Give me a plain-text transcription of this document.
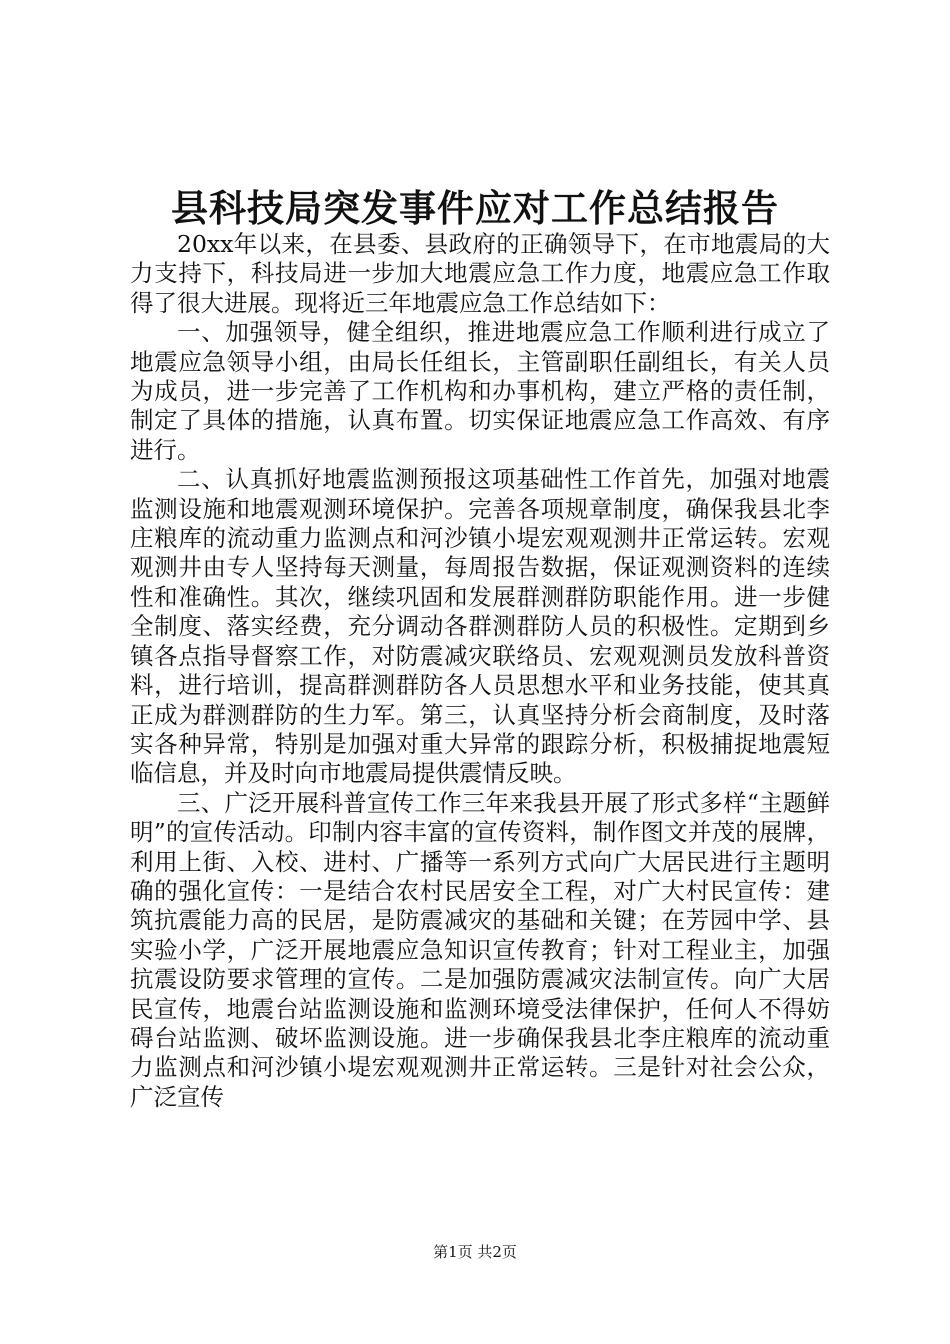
县科技局突发事件应对工作总结报告

20xx年以来，在县委、县政府的正确领导下，在市地震局的大力支持下，科技局进一步加大地震应急工作力度，地震应急工作取得了很大进展。现将近三年地震应急工作总结如下：

一、加强领导，健全组织，推进地震应急工作顺利进行成立了地震应急领导小组，由局长任组长，主管副职任副组长，有关人员为成员，进一步完善了工作机构和办事机构，建立严格的责任制，制定了具体的措施，认真布置。切实保证地震应急工作高效、有序进行。

二、认真抓好地震监测预报这项基础性工作首先，加强对地震监测设施和地震观测环境保护。完善各项规章制度，确保我县北李庄粮库的流动重力监测点和河沙镇小堤宏观观测井正常运转。宏观观测井由专人坚持每天测量，每周报告数据，保证观测资料的连续性和准确性。其次，继续巩固和发展群测群防职能作用。进一步健全制度、落实经费，充分调动各群测群防人员的积极性。定期到乡镇各点指导督察工作，对防震减灾联络员、宏观观测员发放科普资料，进行培训，提高群测群防各人员思想水平和业务技能，使其真正成为群测群防的生力军。第三，认真坚持分析会商制度，及时落实各种异常，特别是加强对重大异常的跟踪分析，积极捕捉地震短临信息，并及时向市地震局提供震情反映。

三、广泛开展科普宣传工作三年来我县开展了形式多样“主题鲜明”的宣传活动。印制内容丰富的宣传资料，制作图文并茂的展牌，利用上街、入校、进村、广播等一系列方式向广大居民进行主题明确的强化宣传：一是结合农村民居安全工程，对广大村民宣传：建筑抗震能力高的民居，是防震减灾的基础和关键；在芳园中学、县实验小学，广泛开展地震应急知识宣传教育；针对工程业主，加强抗震设防要求管理的宣传。二是加强防震减灾法制宣传。向广大居民宣传，地震台站监测设施和监测环境受法律保护，任何人不得妨碍台站监测、破坏监测设施。进一步确保我县北李庄粮库的流动重力监测点和河沙镇小堤宏观观测井正常运转。三是针对社会公众，广泛宣传

第1页 共2页
